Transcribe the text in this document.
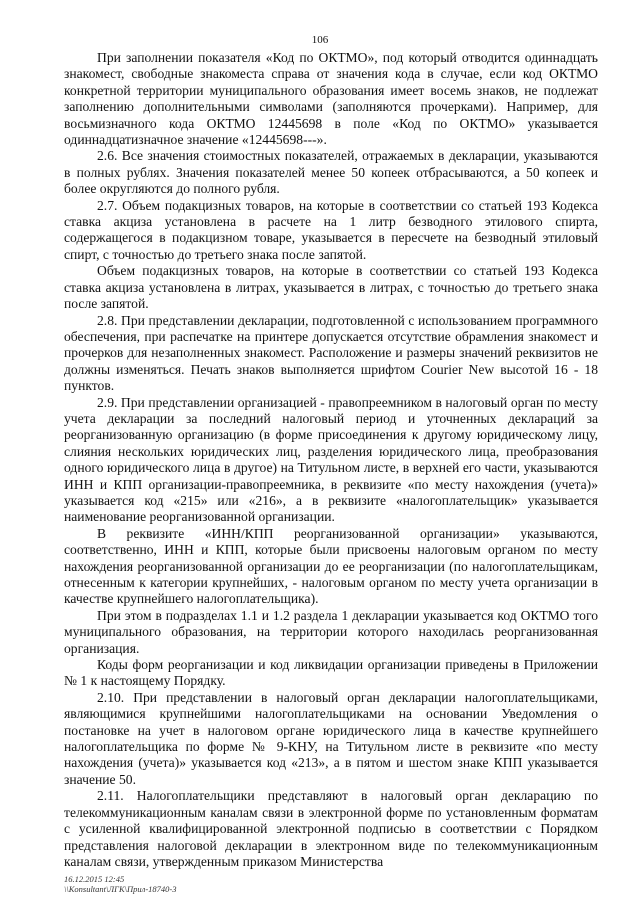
106

При заполнении показателя «Код по ОКТМО», под который отводится одиннадцать знакомест, свободные знакоместа справа от значения кода в случае, если код ОКТМО конкретной территории муниципального образования имеет восемь знаков, не подлежат заполнению дополнительными символами (заполняются прочерками). Например, для восьмизначного кода ОКТМО 12445698 в поле «Код по ОКТМО» указывается одиннадцатизначное значение «12445698---».

2.6. Все значения стоимостных показателей, отражаемых в декларации, указываются в полных рублях. Значения показателей менее 50 копеек отбрасываются, а 50 копеек и более округляются до полного рубля.

2.7. Объем подакцизных товаров, на которые в соответствии со статьей 193 Кодекса ставка акциза установлена в расчете на 1 литр безводного этилового спирта, содержащегося в подакцизном товаре, указывается в пересчете на безводный этиловый спирт, с точностью до третьего знака после запятой.

Объем подакцизных товаров, на которые в соответствии со статьей 193 Кодекса ставка акциза установлена в литрах, указывается в литрах, с точностью до третьего знака после запятой.

2.8. При представлении декларации, подготовленной с использованием программного обеспечения, при распечатке на принтере допускается отсутствие обрамления знакомест и прочерков для незаполненных знакомест. Расположение и размеры значений реквизитов не должны изменяться. Печать знаков выполняется шрифтом Courier New высотой 16 - 18 пунктов.

2.9. При представлении организацией - правопреемником в налоговый орган по месту учета декларации за последний налоговый период и уточненных деклараций за реорганизованную организацию (в форме присоединения к другому юридическому лицу, слияния нескольких юридических лиц, разделения юридического лица, преобразования одного юридического лица в другое) на Титульном листе, в верхней его части, указываются ИНН и КПП организации-правопреемника, в реквизите «по месту нахождения (учета)» указывается код «215» или «216», а в реквизите «налогоплательщик» указывается наименование реорганизованной организации.

В реквизите «ИНН/КПП реорганизованной организации» указываются, соответственно, ИНН и КПП, которые были присвоены налоговым органом по месту нахождения реорганизованной организации до ее реорганизации (по налогоплательщикам, отнесенным к категории крупнейших, - налоговым органом по месту учета организации в качестве крупнейшего налогоплательщика).

При этом в подразделах 1.1 и 1.2 раздела 1 декларации указывается код ОКТМО того муниципального образования, на территории которого находилась реорганизованная организация.

Коды форм реорганизации и код ликвидации организации приведены в Приложении № 1 к настоящему Порядку.

2.10. При представлении в налоговый орган декларации налогоплательщиками, являющимися крупнейшими налогоплательщиками на основании Уведомления о постановке на учет в налоговом органе юридического лица в качестве крупнейшего налогоплательщика по форме № 9-КНУ, на Титульном листе в реквизите «по месту нахождения (учета)» указывается код «213», а в пятом и шестом знаке КПП указывается значение 50.

2.11. Налогоплательщики представляют в налоговый орган декларацию по телекоммуникационным каналам связи в электронной форме по установленным форматам с усиленной квалифицированной электронной подписью в соответствии с Порядком представления налоговой декларации в электронном виде по телекоммуникационным каналам связи, утвержденным приказом Министерства

16.12.2015 12:45
\\Konsultant\ЛГК\Прил-18740-3
